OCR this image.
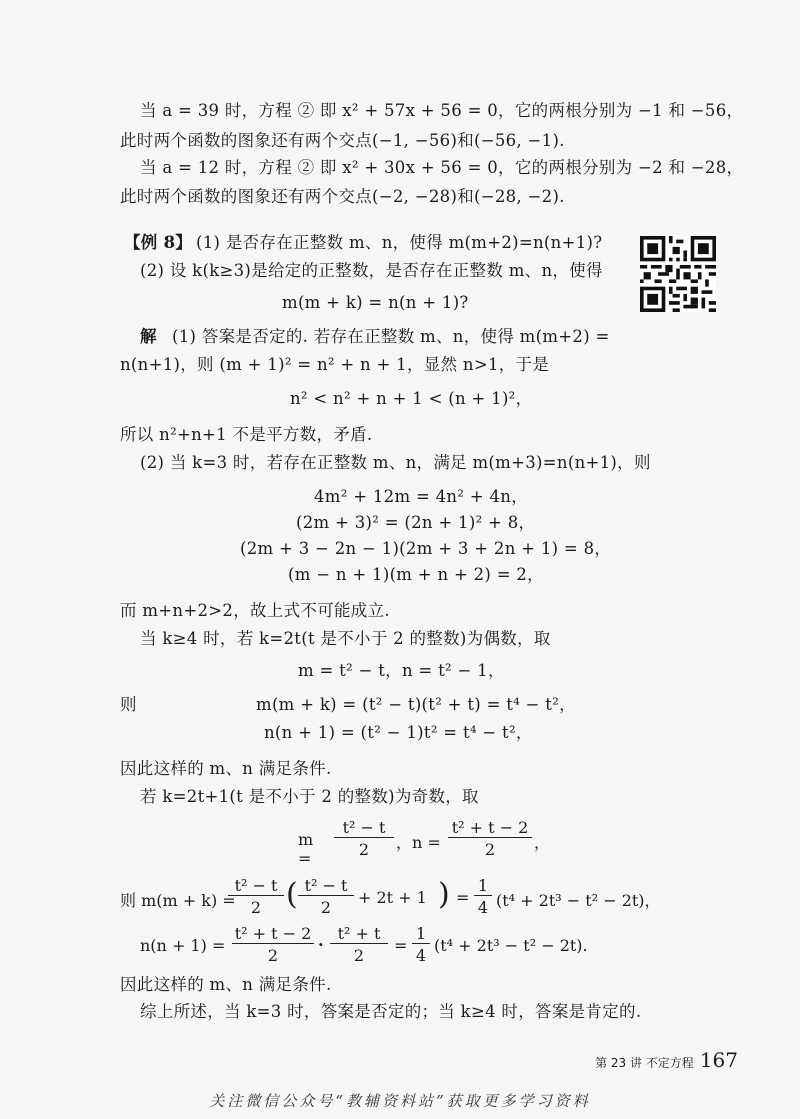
当 a = 39 时，方程 ② 即 x² + 57x + 56 = 0，它的两根分别为 −1 和 −56，
此时两个函数的图象还有两个交点(−1, −56)和(−56, −1).
当 a = 12 时，方程 ② 即 x² + 30x + 56 = 0，它的两根分别为 −2 和 −28，
此时两个函数的图象还有两个交点(−2, −28)和(−28, −2).
【例 8】 (1) 是否存在正整数 m、n，使得 m(m+2)=n(n+1)?
(2) 设 k(k≥3)是给定的正整数，是否存在正整数 m、n，使得
m(m + k) = n(n + 1)?
解 (1) 答案是否定的. 若存在正整数 m、n，使得 m(m+2) =
n(n+1)，则 (m + 1)² = n² + n + 1，显然 n>1，于是
n² < n² + n + 1 < (n + 1)²，
所以 n²+n+1 不是平方数，矛盾.
(2) 当 k=3 时，若存在正整数 m、n，满足 m(m+3)=n(n+1)，则
4m² + 12m = 4n² + 4n，
(2m + 3)² = (2n + 1)² + 8，
(2m + 3 − 2n − 1)(2m + 3 + 2n + 1) = 8，
(m − n + 1)(m + n + 2) = 2，
而 m+n+2>2，故上式不可能成立.
当 k≥4 时，若 k=2t(t 是不小于 2 的整数)为偶数，取
m = t² − t，n = t² − 1，
则	m(m + k) = (t² − t)(t² + t) = t⁴ − t²，
n(n + 1) = (t² − 1)t² = t⁴ − t²，
因此这样的 m、n 满足条件.
若 k=2t+1(t 是不小于 2 的整数)为奇数，取
m =
t² − t
2	，n =
t² + t − 2
2	，
则 m(m + k) =
t² − t
2 ( t² − t
2
+ 2t + 1 ) =
1
4 (t⁴ + 2t³ − t² − 2t)，
n(n + 1) =
t² + t − 2
2
·
t² + t
2
=
1
4
(t⁴ + 2t³ − t² − 2t).
因此这样的 m、n 满足条件.
综上所述，当 k=3 时，答案是否定的；当 k≥4 时，答案是肯定的.
第 23 讲 不定方程 167
关注微信公众号“教辅资料站”获取更多学习资料
